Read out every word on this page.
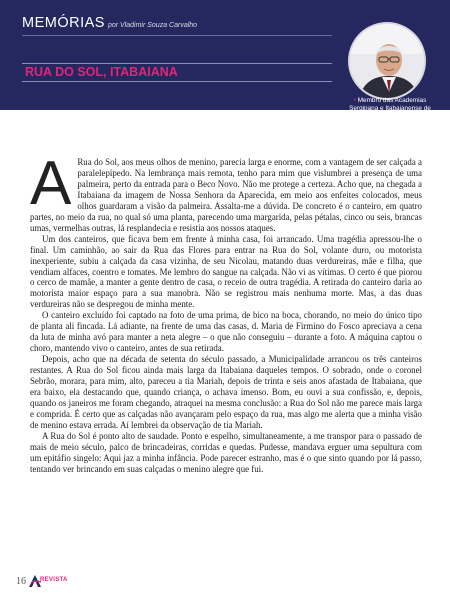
MEMÓRIAS por Vladimir Souza Carvalho
RUA DO SOL, ITABAIANA
• Membro das Academias Sergipana e Itabaianense de Letras

A Rua do Sol, aos meus olhos de menino, parecia larga e enorme, com a vantagem de ser calçada a paralelepípedo. Na lembrança mais remota, tenho para mim que vislumbrei a presença de uma palmeira, perto da entrada para o Beco Novo. Não me protege a certeza. Acho que, na chegada a Itabaiana da imagem de Nossa Senhora da Aparecida, em meio aos enfeites colocados, meus olhos guardaram a visão da palmeira. Assalta-me a dúvida. De concreto é o canteiro, em quatro partes, no meio da rua, no qual só uma planta, parecendo uma margarida, pelas pétalas, cinco ou seis, brancas umas, vermelhas outras, lá resplandecia e resistia aos nossos ataques.

Um dos canteiros, que ficava bem em frente à minha casa, foi arrancado. Uma tragédia apressou-lhe o final. Um caminhão, ao sair da Rua das Flores para entrar na Rua do Sol, volante duro, ou motorista inexperiente, subiu a calçada da casa vizinha, de seu Nicolau, matando duas verdureiras, mãe e filha, que vendiam alfaces, coentro e tomates. Me lembro do sangue na calçada. Não vi as vítimas. O certo é que piorou o cerco de mamãe, a manter a gente dentro de casa, o receio de outra tragédia. A retirada do canteiro daria ao motorista maior espaço para a sua manobra. Não se registrou mais nenhuma morte. Mas, a das duas verdureiras não se despregou de minha mente.

O canteiro excluído foi captado na foto de uma prima, de bico na boca, chorando, no meio do único tipo de planta ali fincada. Lá adiante, na frente de uma das casas, d. Maria de Firmino do Fosco apreciava a cena da luta de minha avó para manter a neta alegre – o que não conseguiu – durante a foto. A máquina captou o choro, mantendo vivo o canteiro, antes de sua retirada.

Depois, acho que na década de setenta do século passado, a Municipalidade arrancou os três canteiros restantes. A Rua do Sol ficou ainda mais larga da Itabaiana daqueles tempos. O sobrado, onde o coronel Sebrão, morara, para mim, alto, pareceu a tia Mariah, depois de trinta e seis anos afastada de Itabaiana, que era baixo, ela destacando que, quando criança, o achava imenso. Bom, eu ouvi a sua confissão, e, depois, quando os janeiros me foram chegando, atraquei na mesma conclusão: a Rua do Sol não me parece mais larga e comprida. É certo que as calçadas não avançaram pelo espaço da rua, mas algo me alerta que a minha visão de menino estava errada. Aí lembrei da observação de tia Mariah.

A Rua do Sol é ponto alto de saudade. Ponto e espelho, simultaneamente, a me transpor para o passado de mais de meio século, palco de brincadeiras, corridas e quedas. Pudesse, mandava erguer uma sepultura com um epitáfio singelo: Aqui jaz a minha infância. Pode parecer estranho, mas é o que sinto quando por lá passo, tentando ver brincando em suas calçadas o menino alegre que fui.

16 REVISTA
